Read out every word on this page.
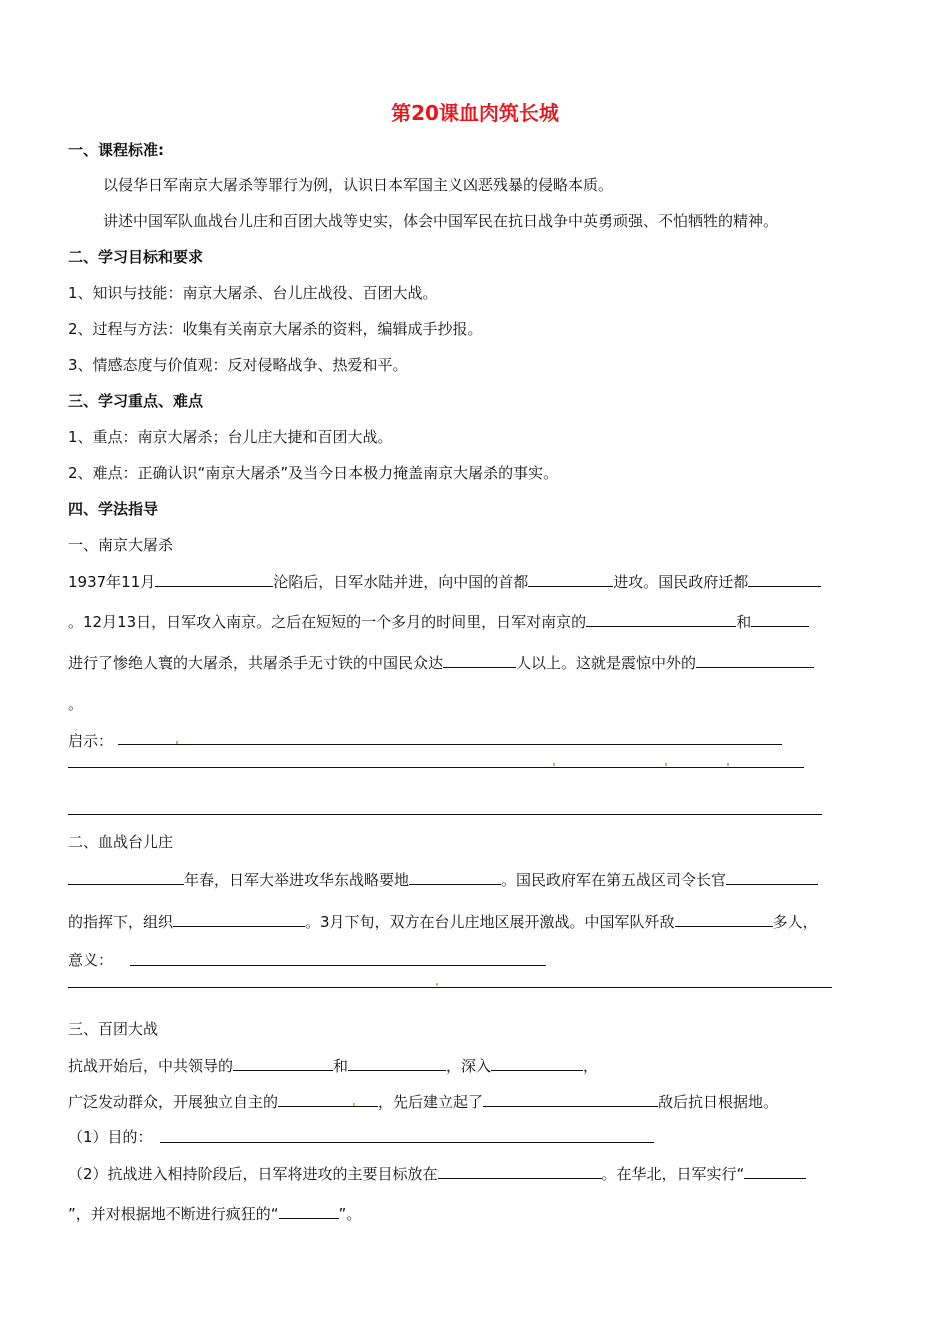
第20课血肉筑长城
一、课程标准:
以侵华日军南京大屠杀等罪行为例，认识日本军国主义凶恶残暴的侵略本质。
讲述中国军队血战台儿庄和百团大战等史实，体会中国军民在抗日战争中英勇顽强、不怕牺牲的精神。
二、学习目标和要求
1、知识与技能：南京大屠杀、台儿庄战役、百团大战。
2、过程与方法：收集有关南京大屠杀的资料，编辑成手抄报。
3、情感态度与价值观：反对侵略战争、热爱和平。
三、学习重点、难点
1、重点：南京大屠杀；台儿庄大捷和百团大战。
2、难点：正确认识“南京大屠杀”及当今日本极力掩盖南京大屠杀的事实。
四、学法指导
一、南京大屠杀
1937年11月	沦陷后，日军水陆并进，向中国的首都	进攻。国民政府迁都
。12月13日，日军攻入南京。之后在短短的一个多月的时间里，日军对南京的	和
进行了惨绝人寰的大屠杀，共屠杀手无寸铁的中国民众达	人以上。这就是震惊中外的
。
启示：
二、血战台儿庄
年春，日军大举进攻华东战略要地	。国民政府军在第五战区司令长官
的指挥下，组织	。3月下旬，双方在台儿庄地区展开激战。中国军队歼敌	多人，
意义：
三、百团大战
抗战开始后，中共领导的	和	，深入	，
广泛发动群众，开展独立自主的	，先后建立起了	敌后抗日根据地。
（1）目的：
（2）抗战进入相持阶段后，日军将进攻的主要目标放在	。在华北，日军实行“
”，并对根据地不断进行疯狂的“	”。
